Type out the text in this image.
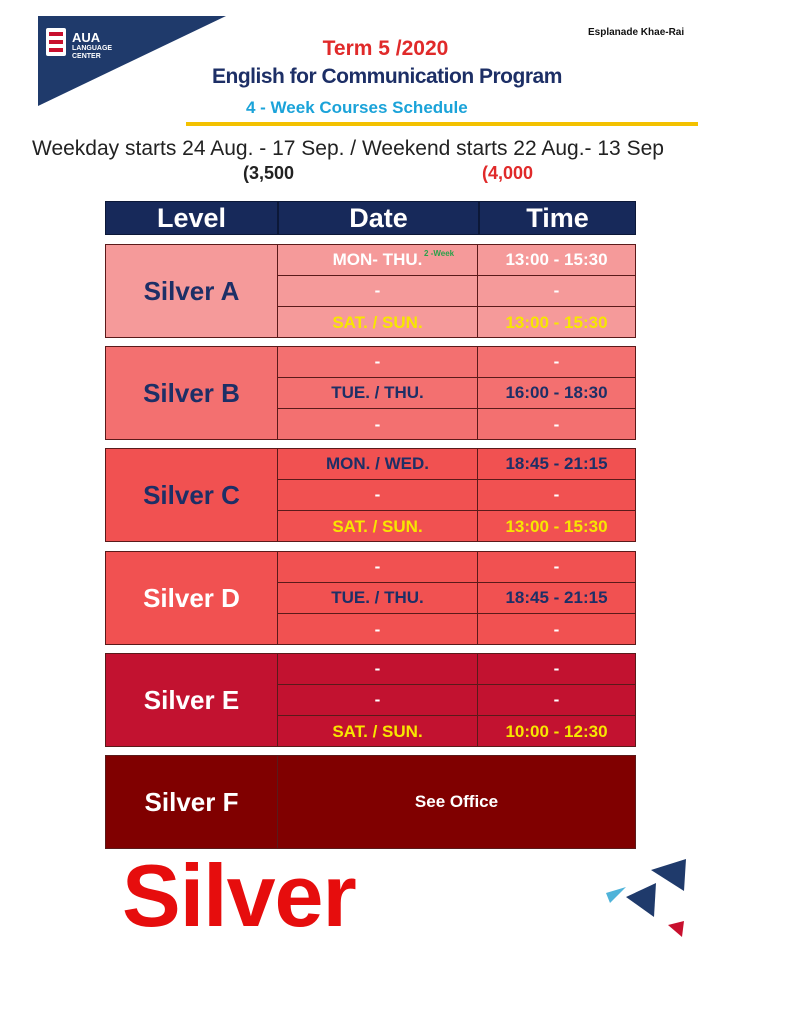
AUA
LANGUAGE CENTER
Esplanade Khae-Rai
Term 5 /2020
English for Communication Program
4 - Week Courses Schedule
Weekday starts 24 Aug. - 17 Sep. / Weekend starts 22 Aug.- 13 Sep
(3,500	(4,000
Level	Date	Time
Silver A
MON- THU.	13:00 - 15:30
2 -Week
-	-
SAT. / SUN.	13:00 - 15:30
Silver B
-	-
TUE. / THU.	16:00 - 18:30
-	-
Silver C
MON. / WED.	18:45 - 21:15
-	-
SAT. / SUN.	13:00 - 15:30
Silver D
-	-
TUE. / THU.	18:45 - 21:15
-	-
Silver E
-	-
-	-
SAT. / SUN.	10:00 - 12:30
Silver F	See Office
Silver
